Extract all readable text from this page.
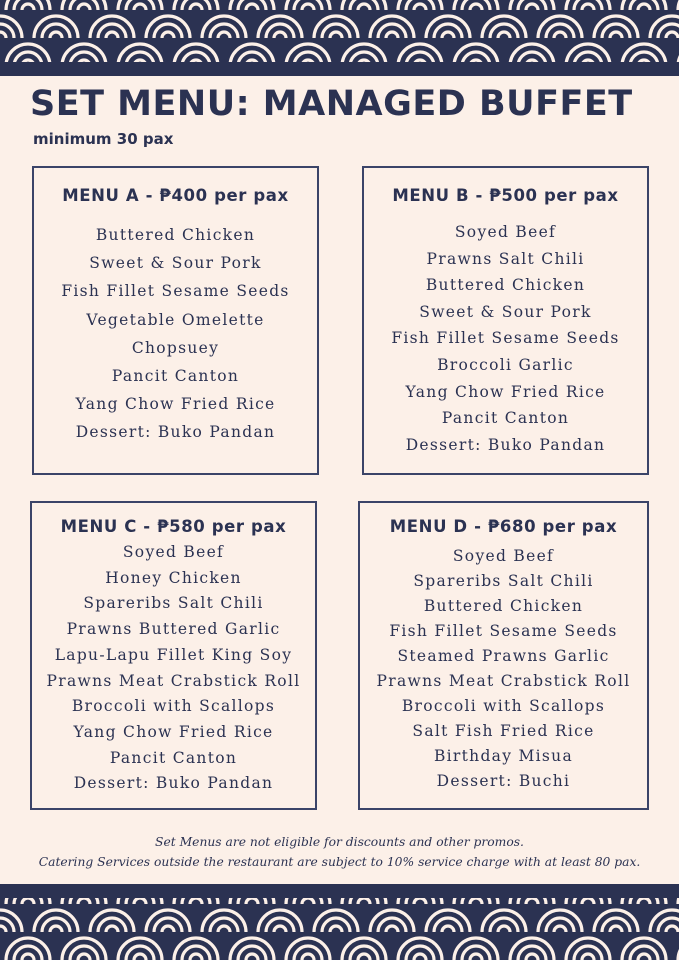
SET MENU: MANAGED BUFFET

minimum 30 pax

MENU A - ₱400 per pax
Buttered Chicken
Sweet & Sour Pork
Fish Fillet Sesame Seeds
Vegetable Omelette
Chopsuey
Pancit Canton
Yang Chow Fried Rice
Dessert: Buko Pandan
MENU B - ₱500 per pax
Soyed Beef
Prawns Salt Chili
Buttered Chicken
Sweet & Sour Pork
Fish Fillet Sesame Seeds
Broccoli Garlic
Yang Chow Fried Rice
Pancit Canton
Dessert: Buko Pandan
MENU C - ₱580 per pax
Soyed Beef
Honey Chicken
Spareribs Salt Chili
Prawns Buttered Garlic
Lapu-Lapu Fillet King Soy
Prawns Meat Crabstick Roll
Broccoli with Scallops
Yang Chow Fried Rice
Pancit Canton
Dessert: Buko Pandan
MENU D - ₱680 per pax
Soyed Beef
Spareribs Salt Chili
Buttered Chicken
Fish Fillet Sesame Seeds
Steamed Prawns Garlic
Prawns Meat Crabstick Roll
Broccoli with Scallops
Salt Fish Fried Rice
Birthday Misua
Dessert: Buchi

Set Menus are not eligible for discounts and other promos.

Catering Services outside the restaurant are subject to 10% service charge with at least 80 pax.
